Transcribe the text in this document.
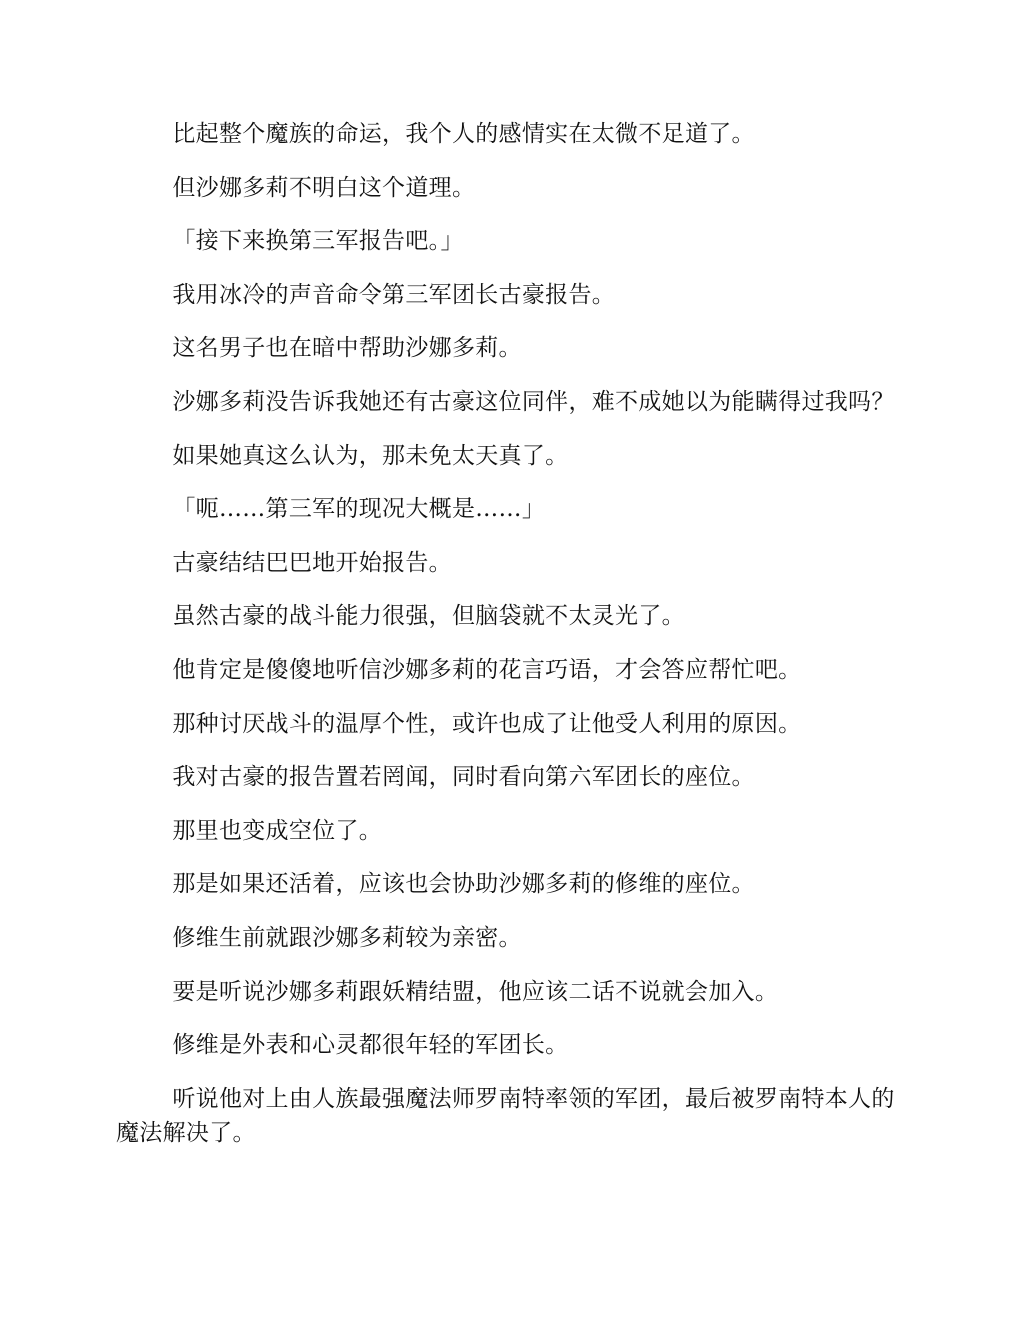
比起整个魔族的命运，我个人的感情实在太微不足道了。

但沙娜多莉不明白这个道理。

「接下来换第三军报告吧。」

我用冰冷的声音命令第三军团长古豪报告。

这名男子也在暗中帮助沙娜多莉。

沙娜多莉没告诉我她还有古豪这位同伴，难不成她以为能瞒得过我吗？

如果她真这么认为，那未免太天真了。

「呃……第三军的现况大概是……」

古豪结结巴巴地开始报告。

虽然古豪的战斗能力很强，但脑袋就不太灵光了。

他肯定是傻傻地听信沙娜多莉的花言巧语，才会答应帮忙吧。

那种讨厌战斗的温厚个性，或许也成了让他受人利用的原因。

我对古豪的报告置若罔闻，同时看向第六军团长的座位。

那里也变成空位了。

那是如果还活着，应该也会协助沙娜多莉的修维的座位。

修维生前就跟沙娜多莉较为亲密。

要是听说沙娜多莉跟妖精结盟，他应该二话不说就会加入。

修维是外表和心灵都很年轻的军团长。

听说他对上由人族最强魔法师罗南特率领的军团，最后被罗南特本人的魔法解决了。
